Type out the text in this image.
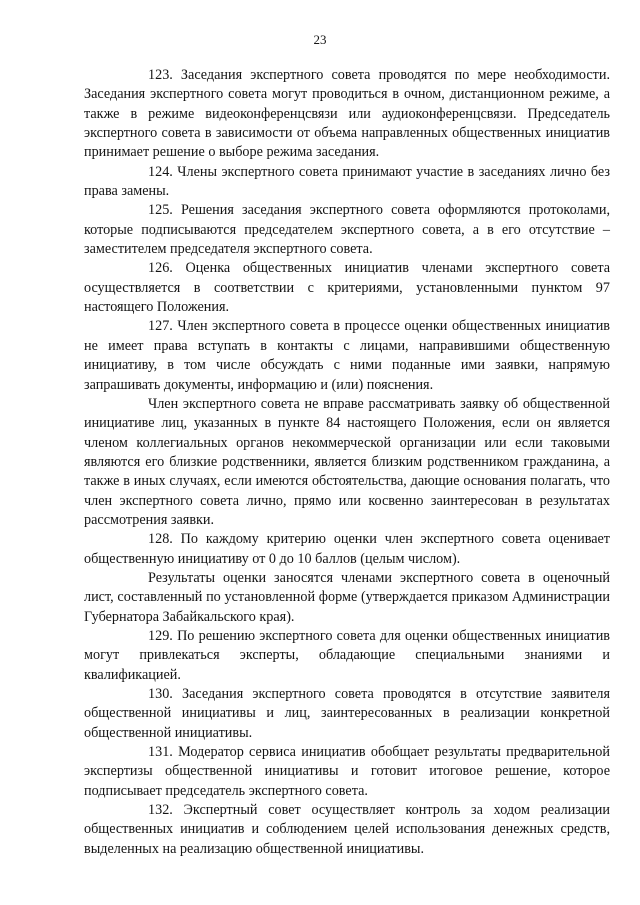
23

123. Заседания экспертного совета проводятся по мере необходимости. Заседания экспертного совета могут проводиться в очном, дистанционном режиме, а также в режиме видеоконференцсвязи или аудиоконференцсвязи. Председатель экспертного совета в зависимости от объема направленных общественных инициатив принимает решение о выборе режима заседания.

124. Члены экспертного совета принимают участие в заседаниях лично без права замены.

125. Решения заседания экспертного совета оформляются протоколами, которые подписываются председателем экспертного совета, а в его отсутствие – заместителем председателя экспертного совета.

126. Оценка общественных инициатив членами экспертного совета осуществляется в соответствии с критериями, установленными пунктом 97 настоящего Положения.

127. Член экспертного совета в процессе оценки общественных инициатив не имеет права вступать в контакты с лицами, направившими общественную инициативу, в том числе обсуждать с ними поданные ими заявки, напрямую запрашивать документы, информацию и (или) пояснения.

Член экспертного совета не вправе рассматривать заявку об общественной инициативе лиц, указанных в пункте 84 настоящего Положения, если он является членом коллегиальных органов некоммерческой организации или если таковыми являются его близкие родственники, является близким родственником гражданина, а также в иных случаях, если имеются обстоятельства, дающие основания полагать, что член экспертного совета лично, прямо или косвенно заинтересован в результатах рассмотрения заявки.

128. По каждому критерию оценки член экспертного совета оценивает общественную инициативу от 0 до 10 баллов (целым числом).

Результаты оценки заносятся членами экспертного совета в оценочный лист, составленный по установленной форме (утверждается приказом Администрации Губернатора Забайкальского края).

129. По решению экспертного совета для оценки общественных инициатив могут привлекаться эксперты, обладающие специальными знаниями и квалификацией.

130. Заседания экспертного совета проводятся в отсутствие заявителя общественной инициативы и лиц, заинтересованных в реализации конкретной общественной инициативы.

131. Модератор сервиса инициатив обобщает результаты предварительной экспертизы общественной инициативы и готовит итоговое решение, которое подписывает председатель экспертного совета.

132. Экспертный совет осуществляет контроль за ходом реализации общественных инициатив и соблюдением целей использования денежных средств, выделенных на реализацию общественной инициативы.
